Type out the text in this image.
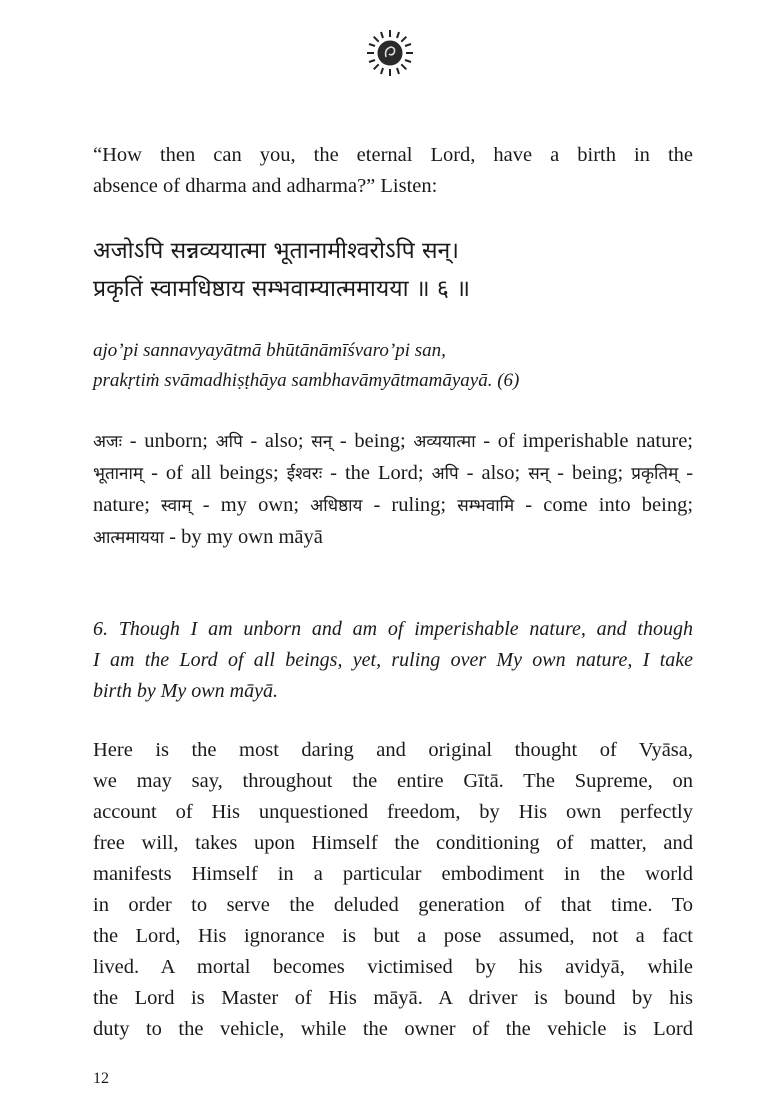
“How then can you, the eternal Lord, have a birth in the
absence of dharma and adharma?” Listen:
अजोऽपि सन्नव्ययात्मा भूतानामीश्वरोऽपि सन्।
प्रकृतिं स्वामधिष्ठाय सम्भवाम्यात्ममायया ॥ ६ ॥
ajo’pi sannavyayātmā bhūtānāmīśvaro’pi san,
prakṛtiṁ svāmadhiṣṭhāya sambhavāmyātmamāyayā. (6)
अजः - unborn; अपि - also; सन् - being; अव्ययात्मा - of imperishable nature; भूतानाम् - of all beings; ईश्वरः - the Lord; अपि - also; सन् - being; प्रकृतिम् - nature; स्वाम् - my own; अधिष्ठाय - ruling; सम्भवामि - come into being; आत्ममायया - by my own māyā
6. Though I am unborn and am of imperishable nature, and though
I am the Lord of all beings, yet, ruling over My own nature, I take
birth by My own māyā.
Here is the most daring and original thought of Vyāsa,
we may say, throughout the entire Gītā. The Supreme, on
account of His unquestioned freedom, by His own perfectly
free will, takes upon Himself the conditioning of matter, and
manifests Himself in a particular embodiment in the world
in order to serve the deluded generation of that time. To
the Lord, His ignorance is but a pose assumed, not a fact
lived. A mortal becomes victimised by his avidyā, while
the Lord is Master of His māyā. A driver is bound by his
duty to the vehicle, while the owner of the vehicle is Lord
12
